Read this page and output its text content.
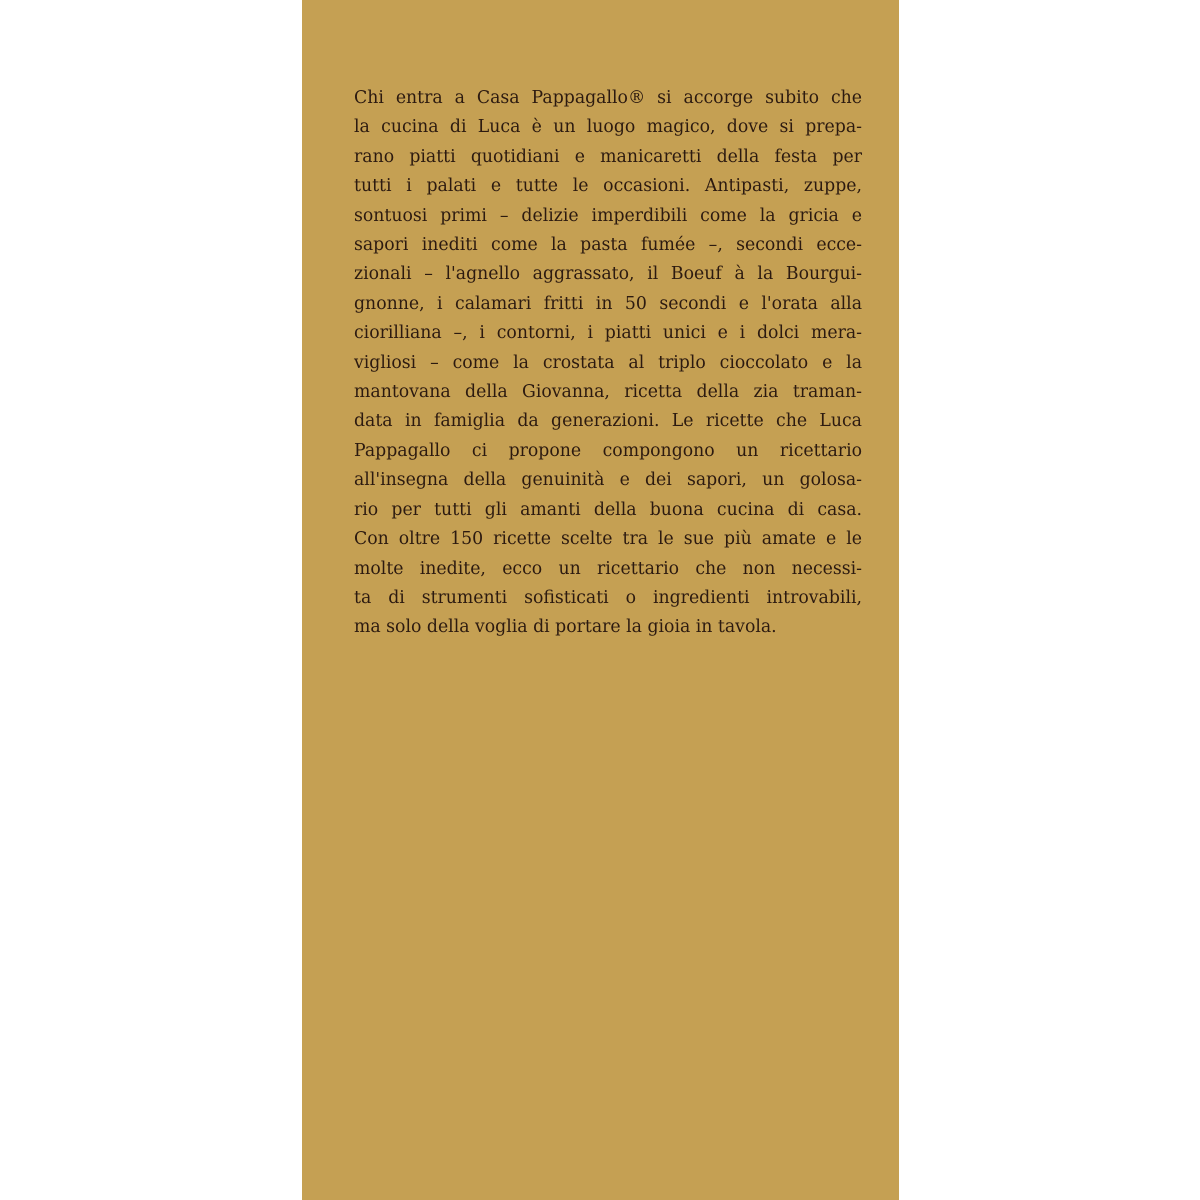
Chi entra a Casa Pappagallo® si accorge subito che
la cucina di Luca è un luogo magico, dove si prepa-
rano piatti quotidiani e manicaretti della festa per
tutti i palati e tutte le occasioni. Antipasti, zuppe,
sontuosi primi – delizie imperdibili come la gricia e
sapori inediti come la pasta fumée –, secondi ecce-
zionali – l'agnello aggrassato, il Boeuf à la Bourgui-
gnonne, i calamari fritti in 50 secondi e l'orata alla
ciorilliana –, i contorni, i piatti unici e i dolci mera-
vigliosi – come la crostata al triplo cioccolato e la
mantovana della Giovanna, ricetta della zia traman-
data in famiglia da generazioni. Le ricette che Luca
Pappagallo ci propone compongono un ricettario
all'insegna della genuinità e dei sapori, un golosa-
rio per tutti gli amanti della buona cucina di casa.
Con oltre 150 ricette scelte tra le sue più amate e le
molte inedite, ecco un ricettario che non necessi-
ta di strumenti sofisticati o ingredienti introvabili,
ma solo della voglia di portare la gioia in tavola.
